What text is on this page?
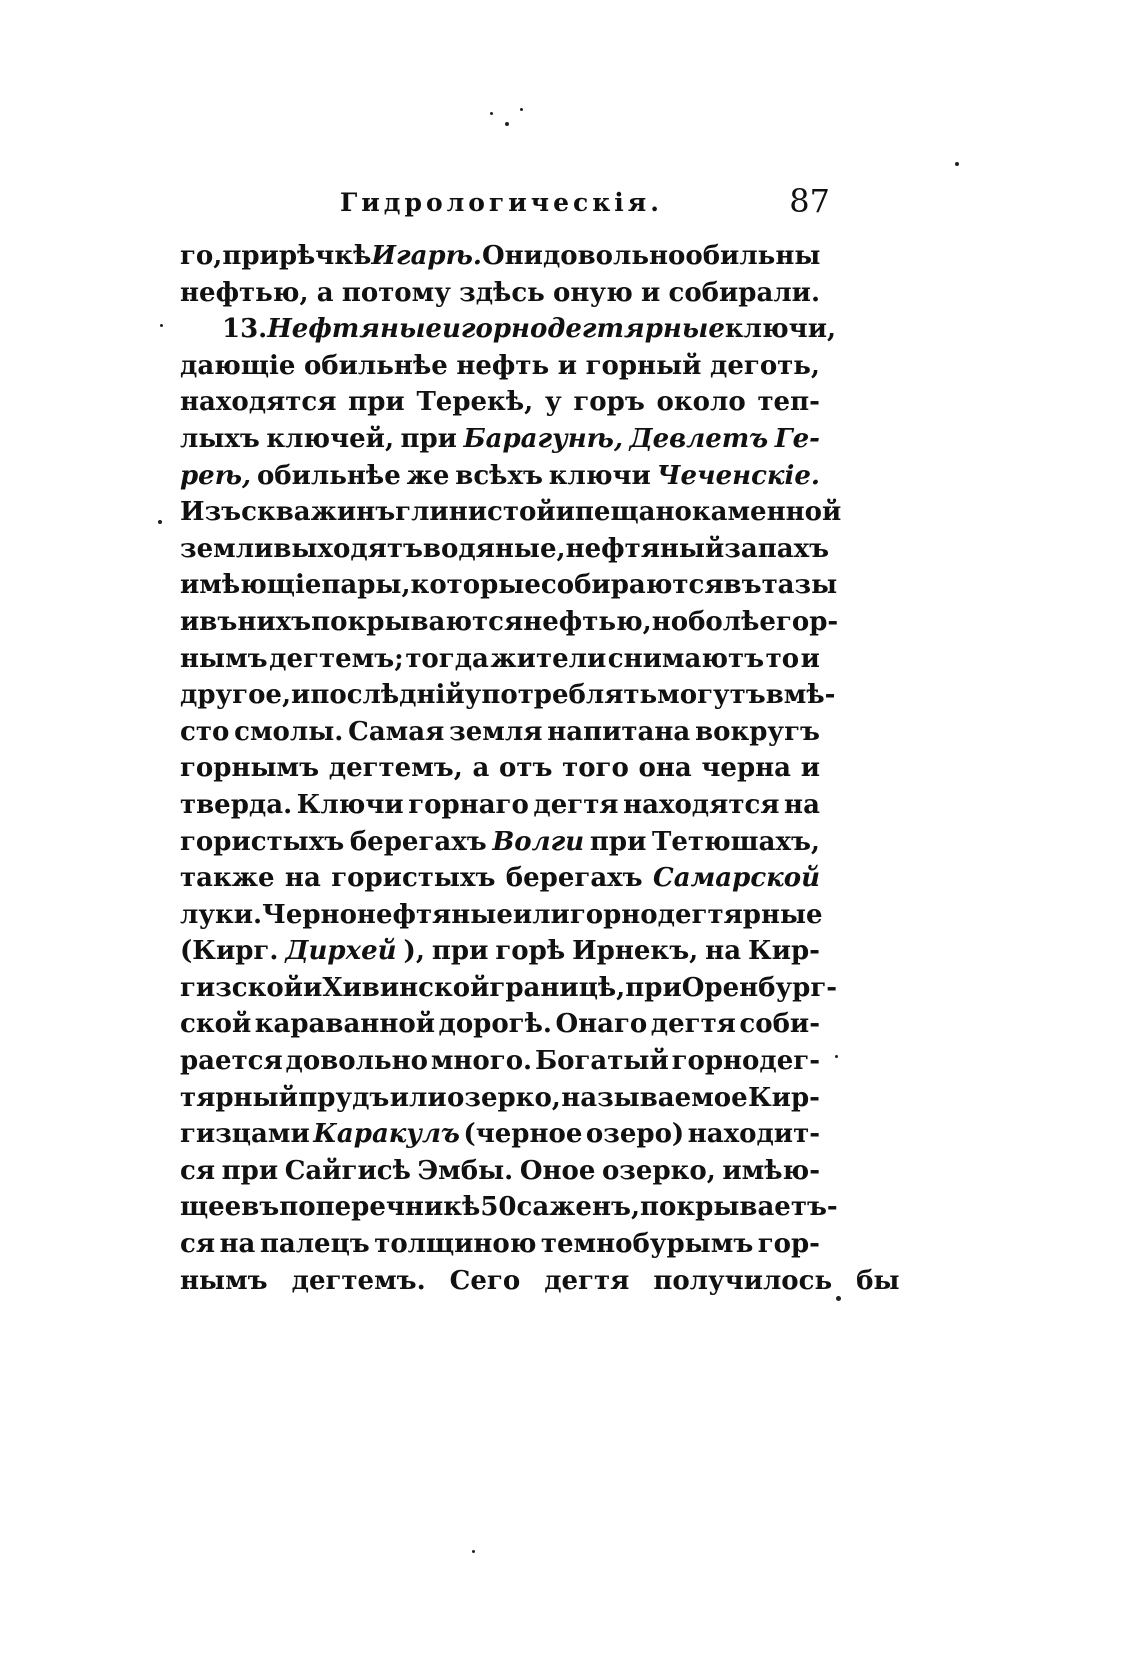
Гидрологическія.	87
го, при рѣчкѣ Игарѣ. Они довольно обильны
нефтью, а потому здѣсь оную и собирали.
13. Нефтяные и горнодегтярные ключи,
дающіе обильнѣе нефть и горный деготь,
находятся при Терекѣ, у горъ около теп-
лыхъ ключей, при Барагунѣ, Девлетъ Ге-
реѣ, обильнѣе же всѣхъ ключи Чеченскіе.
Изъ скважинъ глинистой и пещанокаменной
земли выходятъ водяные, нефтяный запахъ
имѣющіе пары, которые собираются въ тазы
и въ нихъ покрываются нефтью, но болѣе гор-
нымъ дегтемъ; тогда жители снимаютъ то и
другое, и послѣдній употреблять могутъ вмѣ-
сто смолы. Самая земля напитана вокругъ
горнымъ дегтемъ, а отъ того она черна и
тверда. Ключи горнаго дегтя находятся на
гористыхъ берегахъ Волги при Тетюшахъ,
также на гористыхъ берегахъ Самарской
луки. Чернонефтяные или горнодегтярные
(Кирг. Дирхей ), при горѣ Ирнекъ, на Кир-
гизской и Хивинской границѣ, при Оренбург-
ской караванной дорогѣ. Онаго дегтя соби-
рается довольно много. Богатый горнодег-
тярный прудъ или озерко, называемое Кир-
гизцами Каракулъ (черное озеро) находит-
ся при Сайгисѣ Эмбы. Оное озерко, имѣю-
щее въ поперечникѣ 50 саженъ, покрываетъ-
ся на палецъ толщиною темнобурымъ гор-
нымъ дегтемъ. Сего дегтя получилось бы
